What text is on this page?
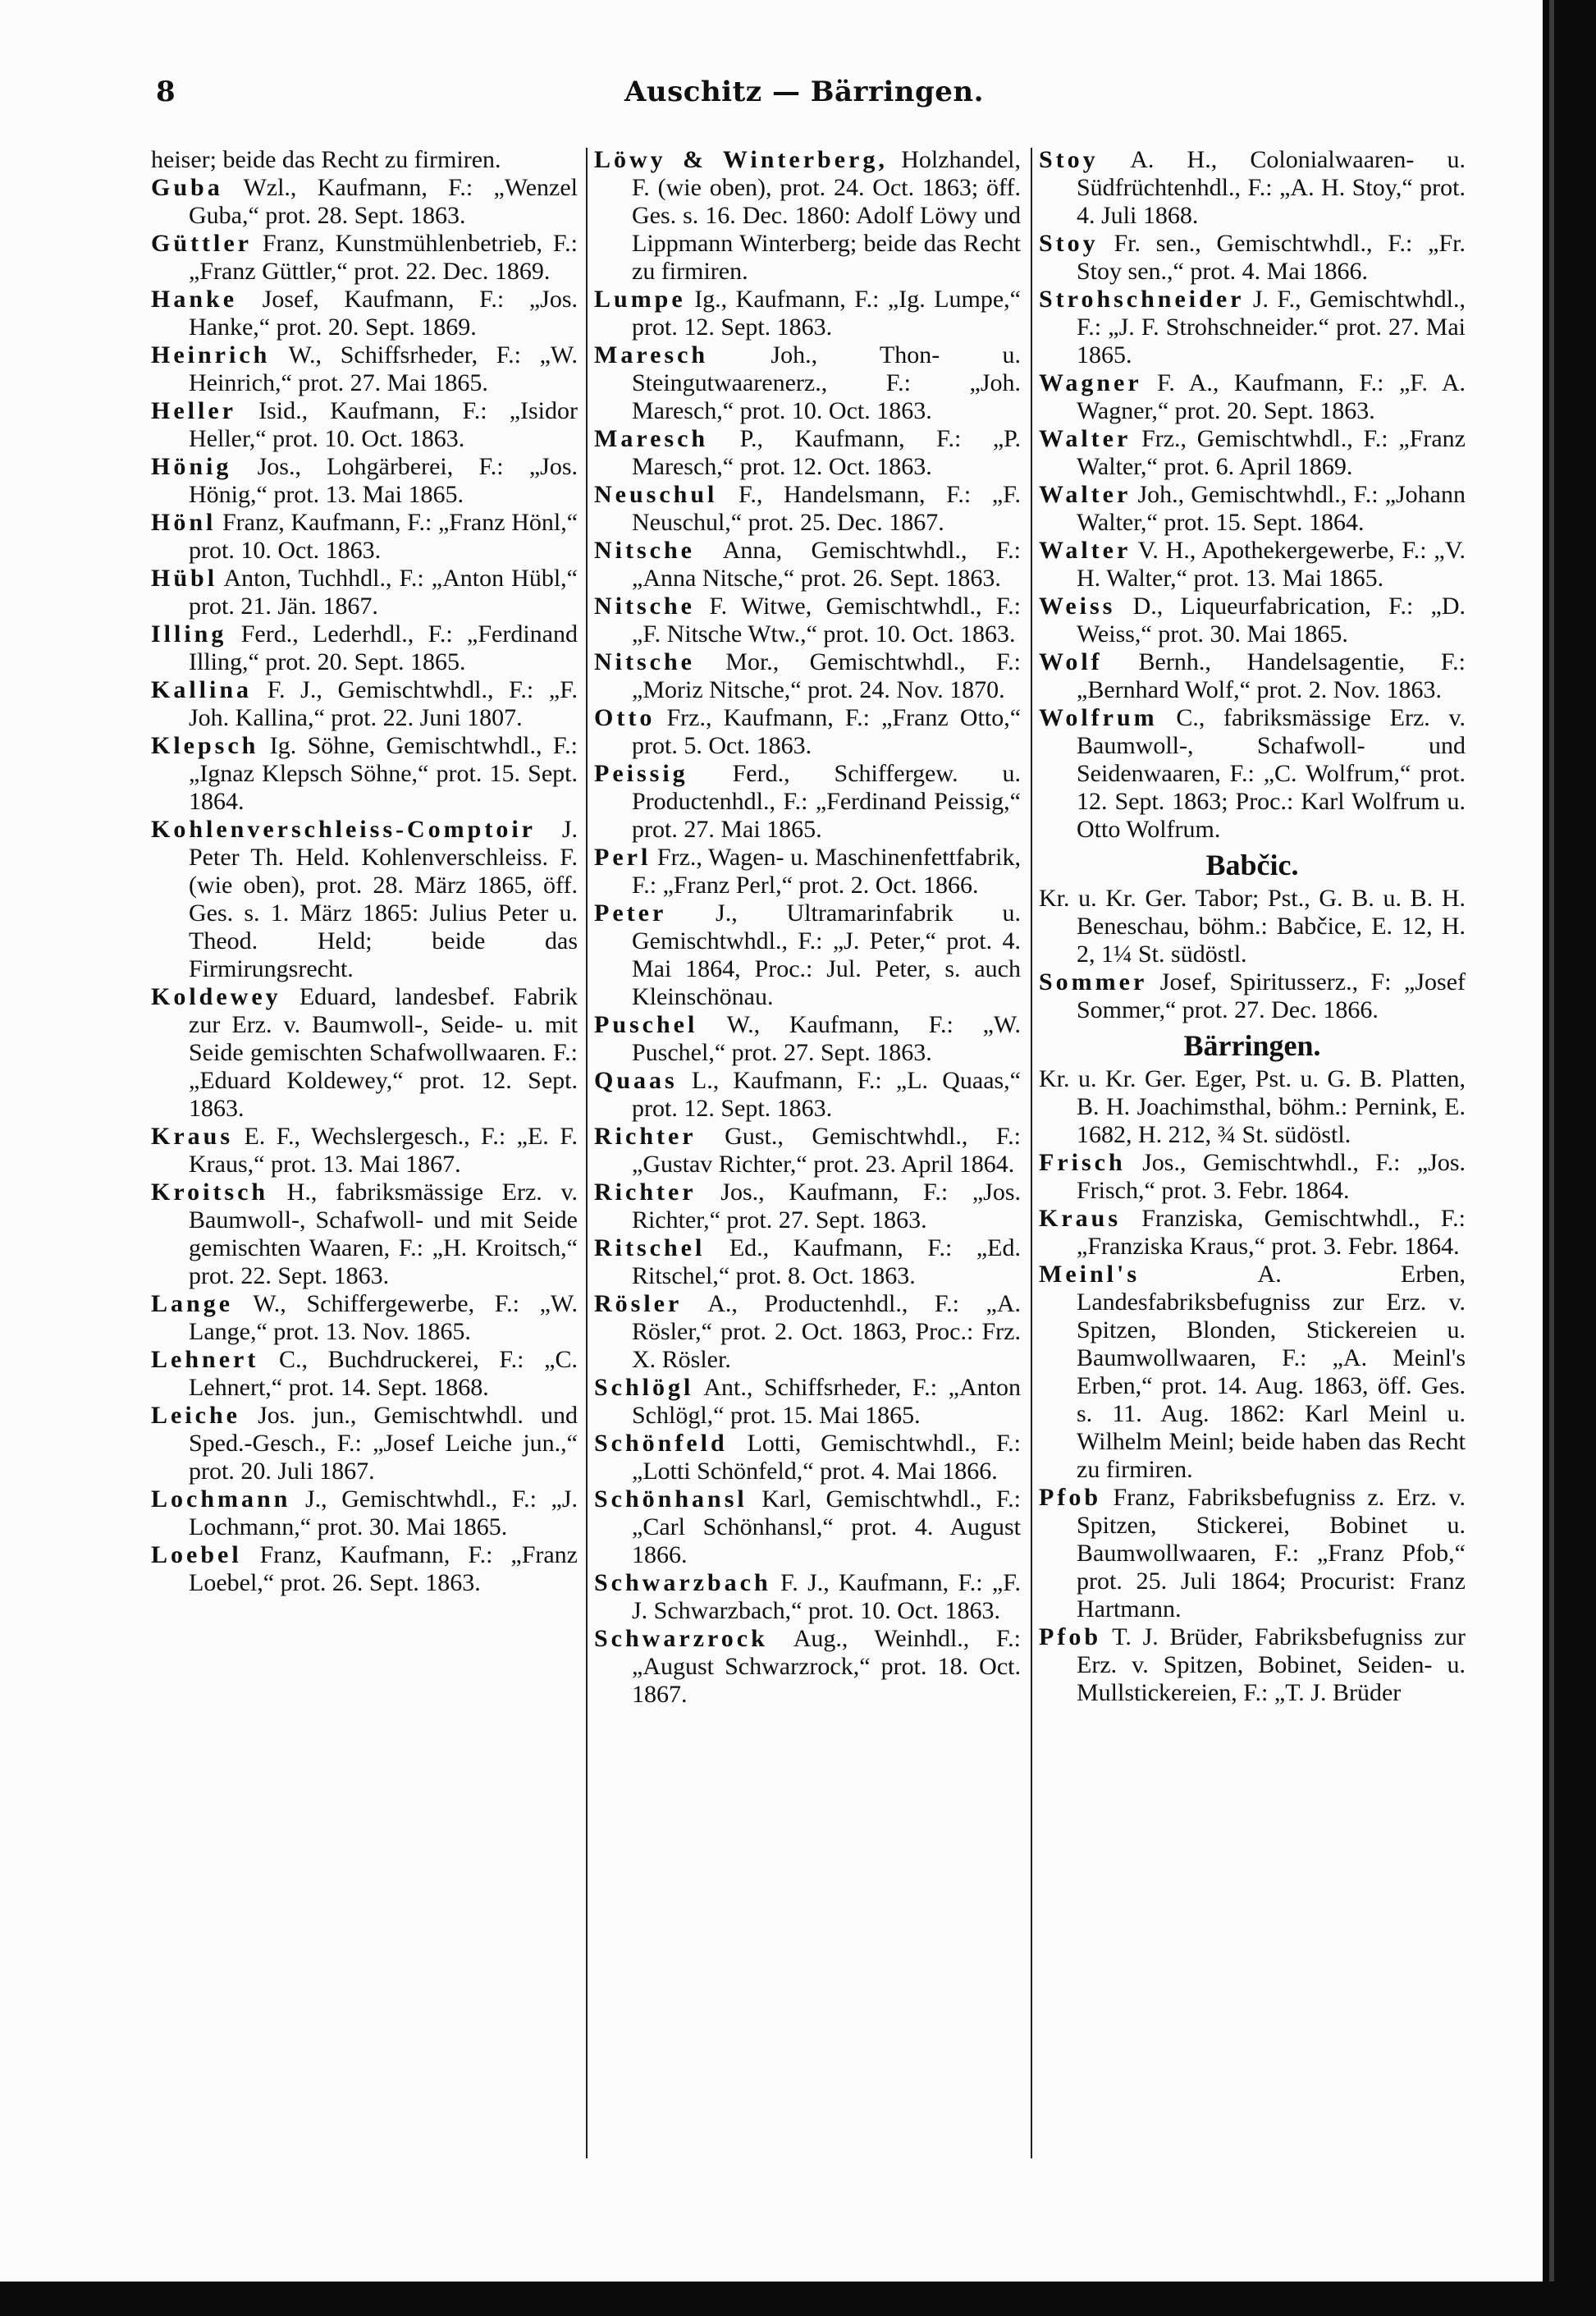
8	Auschitz — Bärringen.

heiser; beide das Recht zu firmiren.

Guba Wzl., Kaufmann, F.: „Wenzel Guba,“ prot. 28. Sept. 1863.

Güttler Franz, Kunstmühlenbetrieb, F.: „Franz Güttler,“ prot. 22. Dec. 1869.

Hanke Josef, Kaufmann, F.: „Jos. Hanke,“ prot. 20. Sept. 1869.

Heinrich W., Schiffsrheder, F.: „W. Heinrich,“ prot. 27. Mai 1865.

Heller Isid., Kaufmann, F.: „Isidor Heller,“ prot. 10. Oct. 1863.

Hönig Jos., Lohgärberei, F.: „Jos. Hönig,“ prot. 13. Mai 1865.

Hönl Franz, Kaufmann, F.: „Franz Hönl,“ prot. 10. Oct. 1863.

Hübl Anton, Tuchhdl., F.: „Anton Hübl,“ prot. 21. Jän. 1867.

Illing Ferd., Lederhdl., F.: „Ferdinand Illing,“ prot. 20. Sept. 1865.

Kallina F. J., Gemischtwhdl., F.: „F. Joh. Kallina,“ prot. 22. Juni 1807.

Klepsch Ig. Söhne, Gemischtwhdl., F.: „Ignaz Klepsch Söhne,“ prot. 15. Sept. 1864.

Kohlenverschleiss-Comptoir J. Peter Th. Held. Kohlenverschleiss. F. (wie oben), prot. 28. März 1865, öff. Ges. s. 1. März 1865: Julius Peter u. Theod. Held; beide das Firmirungsrecht.

Koldewey Eduard, landesbef. Fabrik zur Erz. v. Baumwoll-, Seide- u. mit Seide gemischten Schafwollwaaren. F.: „Eduard Koldewey,“ prot. 12. Sept. 1863.

Kraus E. F., Wechslergesch., F.: „E. F. Kraus,“ prot. 13. Mai 1867.

Kroitsch H., fabriksmässige Erz. v. Baumwoll-, Schafwoll- und mit Seide gemischten Waaren, F.: „H. Kroitsch,“ prot. 22. Sept. 1863.

Lange W., Schiffergewerbe, F.: „W. Lange,“ prot. 13. Nov. 1865.

Lehnert C., Buchdruckerei, F.: „C. Lehnert,“ prot. 14. Sept. 1868.

Leiche Jos. jun., Gemischtwhdl. und Sped.-Gesch., F.: „Josef Leiche jun.,“ prot. 20. Juli 1867.

Lochmann J., Gemischtwhdl., F.: „J. Lochmann,“ prot. 30. Mai 1865.

Loebel Franz, Kaufmann, F.: „Franz Loebel,“ prot. 26. Sept. 1863.

Löwy & Winterberg, Holzhandel, F. (wie oben), prot. 24. Oct. 1863; öff. Ges. s. 16. Dec. 1860: Adolf Löwy und Lippmann Winterberg; beide das Recht zu firmiren.

Lumpe Ig., Kaufmann, F.: „Ig. Lumpe,“ prot. 12. Sept. 1863.

Maresch	Joh., Thon- u. Steingutwaarenerz., F.: „Joh. Maresch,“ prot. 10. Oct. 1863.

Maresch P., Kaufmann, F.: „P. Maresch,“ prot. 12. Oct. 1863.

Neuschul F., Handelsmann, F.: „F. Neuschul,“ prot. 25. Dec. 1867.

Nitsche Anna, Gemischtwhdl., F.: „Anna Nitsche,“ prot. 26. Sept. 1863.

Nitsche F. Witwe, Gemischtwhdl., F.: „F. Nitsche Wtw.,“ prot. 10. Oct. 1863.

Nitsche Mor., Gemischtwhdl., F.: „Moriz Nitsche,“ prot. 24. Nov. 1870.

Otto Frz., Kaufmann, F.: „Franz Otto,“ prot. 5. Oct. 1863.

Peissig Ferd., Schiffergew. u. Productenhdl., F.: „Ferdinand Peissig,“ prot. 27. Mai 1865.

Perl Frz., Wagen- u. Maschinenfettfabrik, F.: „Franz Perl,“ prot. 2. Oct. 1866.

Peter J., Ultramarinfabrik u. Gemischtwhdl., F.: „J. Peter,“ prot. 4. Mai 1864, Proc.: Jul. Peter, s. auch Kleinschönau.

Puschel W., Kaufmann, F.: „W. Puschel,“ prot. 27. Sept. 1863.

Quaas L., Kaufmann, F.: „L. Quaas,“ prot. 12. Sept. 1863.

Richter Gust., Gemischtwhdl., F.: „Gustav Richter,“ prot. 23. April 1864.

Richter Jos., Kaufmann, F.: „Jos. Richter,“ prot. 27. Sept. 1863.

Ritschel Ed., Kaufmann, F.: „Ed. Ritschel,“ prot. 8. Oct. 1863.

Rösler A., Productenhdl., F.: „A. Rösler,“ prot. 2. Oct. 1863, Proc.: Frz. X. Rösler.

Schlögl Ant., Schiffsrheder, F.: „Anton Schlögl,“ prot. 15. Mai 1865.

Schönfeld Lotti, Gemischtwhdl., F.: „Lotti Schönfeld,“ prot. 4. Mai 1866.

Schönhansl Karl, Gemischtwhdl., F.: „Carl Schönhansl,“ prot. 4. August 1866.

Schwarzbach F. J., Kaufmann, F.: „F. J. Schwarzbach,“ prot. 10. Oct. 1863.

Schwarzrock Aug., Weinhdl., F.: „August Schwarzrock,“ prot. 18. Oct. 1867.

Stoy A. H., Colonialwaaren- u. Südfrüchtenhdl., F.: „A. H. Stoy,“ prot. 4. Juli 1868.

Stoy Fr. sen., Gemischtwhdl., F.: „Fr. Stoy sen.,“ prot. 4. Mai 1866.

Strohschneider J. F., Gemischtwhdl., F.: „J. F. Strohschneider.“ prot. 27. Mai 1865.

Wagner F. A., Kaufmann, F.: „F. A. Wagner,“ prot. 20. Sept. 1863.

Walter Frz., Gemischtwhdl., F.: „Franz Walter,“ prot. 6. April 1869.

Walter Joh., Gemischtwhdl., F.: „Johann Walter,“ prot. 15. Sept. 1864.

Walter V. H., Apothekergewerbe, F.: „V. H. Walter,“ prot. 13. Mai 1865.

Weiss D., Liqueurfabrication, F.: „D. Weiss,“ prot. 30. Mai 1865.

Wolf Bernh., Handelsagentie, F.: „Bernhard Wolf,“ prot. 2. Nov. 1863.

Wolfrum C., fabriksmässige Erz. v. Baumwoll-, Schafwoll- und Seidenwaaren, F.: „C. Wolfrum,“ prot. 12. Sept. 1863; Proc.: Karl Wolfrum u. Otto Wolfrum.

Babčic.

Kr. u. Kr. Ger. Tabor; Pst., G. B. u. B. H. Beneschau, böhm.: Babčice, E. 12, H. 2, 1¼ St. südöstl.

Sommer Josef, Spiritusserz., F: „Josef Sommer,“ prot. 27. Dec. 1866.

Bärringen.

Kr. u. Kr. Ger. Eger, Pst. u. G. B. Platten, B. H. Joachimsthal, böhm.: Pernink, E. 1682, H. 212, ¾ St. südöstl.

Frisch Jos., Gemischtwhdl., F.: „Jos. Frisch,“ prot. 3. Febr. 1864.

Kraus Franziska, Gemischtwhdl., F.: „Franziska Kraus,“ prot. 3. Febr. 1864.

Meinl's	A. Erben, Landesfabriksbefugniss zur Erz. v. Spitzen, Blonden, Stickereien u. Baumwollwaaren, F.: „A. Meinl's Erben,“ prot. 14. Aug. 1863, öff. Ges. s. 11. Aug. 1862: Karl Meinl u. Wilhelm Meinl; beide haben das Recht zu firmiren.

Pfob Franz, Fabriksbefugniss z. Erz. v. Spitzen, Stickerei, Bobinet u. Baumwollwaaren, F.: „Franz Pfob,“ prot. 25. Juli 1864; Procurist: Franz Hartmann.

Pfob T. J. Brüder, Fabriksbefugniss zur Erz. v. Spitzen, Bobinet, Seiden- u. Mullstickereien, F.: „T. J. Brüder
